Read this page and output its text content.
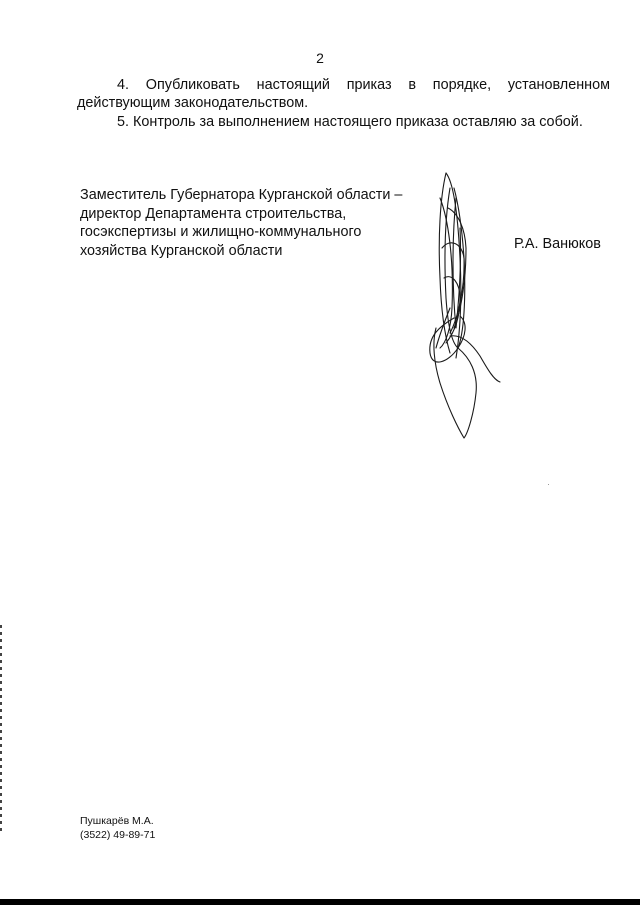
2
4. Опубликовать настоящий приказ в порядке, установленном действующим законодательством.
5. Контроль за выполнением настоящего приказа оставляю за собой.
Заместитель Губернатора Курганской области –
директор Департамента строительства,
госэкспертизы и жилищно-коммунального
хозяйства Курганской области	Р.А. Ванюков
Пушкарёв М.А.
(3522) 49-89-71
